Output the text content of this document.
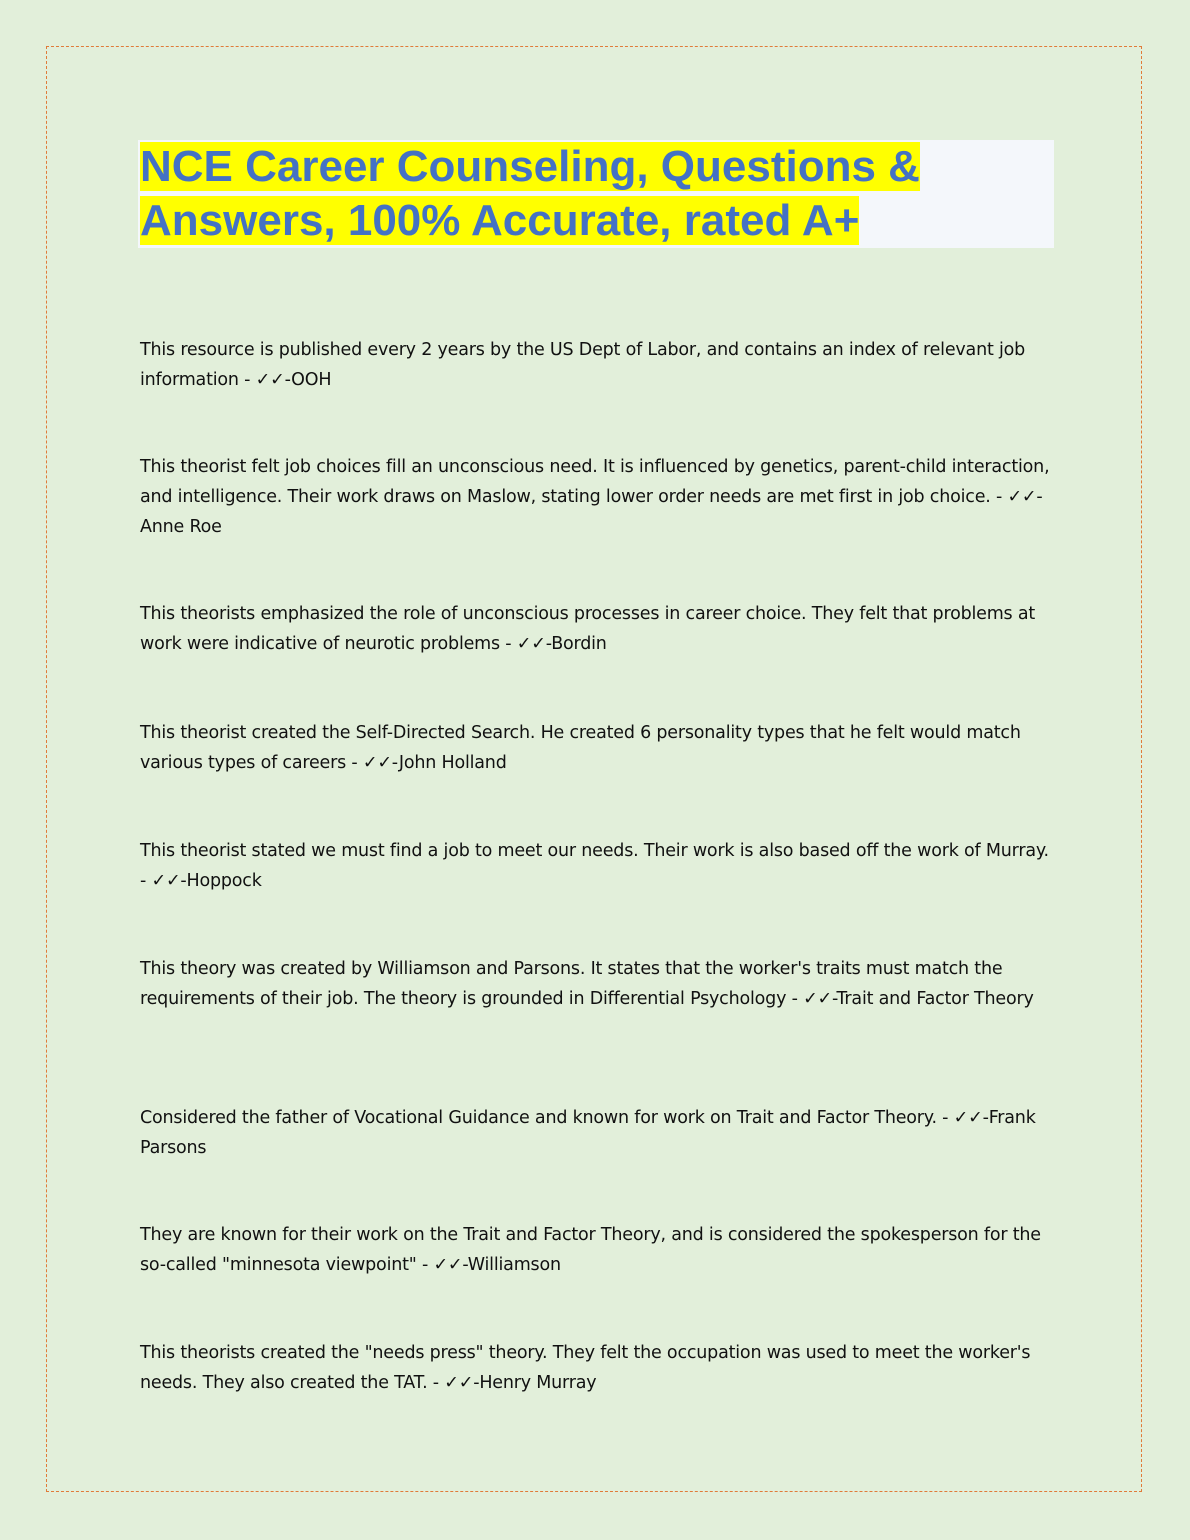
NCE Career Counseling, Questions &
Answers, 100% Accurate, rated A+

This resource is published every 2 years by the US Dept of Labor, and contains an index of relevant job information - ✓✓-OOH

This theorist felt job choices fill an unconscious need. It is influenced by genetics, parent-child interaction, and intelligence. Their work draws on Maslow, stating lower order needs are met first in job choice. - ✓✓-Anne Roe

This theorists emphasized the role of unconscious processes in career choice. They felt that problems at work were indicative of neurotic problems - ✓✓-Bordin

This theorist created the Self-Directed Search. He created 6 personality types that he felt would match various types of careers - ✓✓-John Holland

This theorist stated we must find a job to meet our needs. Their work is also based off the work of Murray. - ✓✓-Hoppock

This theory was created by Williamson and Parsons. It states that the worker's traits must match the requirements of their job. The theory is grounded in Differential Psychology - ✓✓-Trait and Factor Theory

Considered the father of Vocational Guidance and known for work on Trait and Factor Theory. - ✓✓-Frank Parsons

They are known for their work on the Trait and Factor Theory, and is considered the spokesperson for the so-called "minnesota viewpoint" - ✓✓-Williamson

This theorists created the "needs press" theory. They felt the occupation was used to meet the worker's needs. They also created the TAT. - ✓✓-Henry Murray
